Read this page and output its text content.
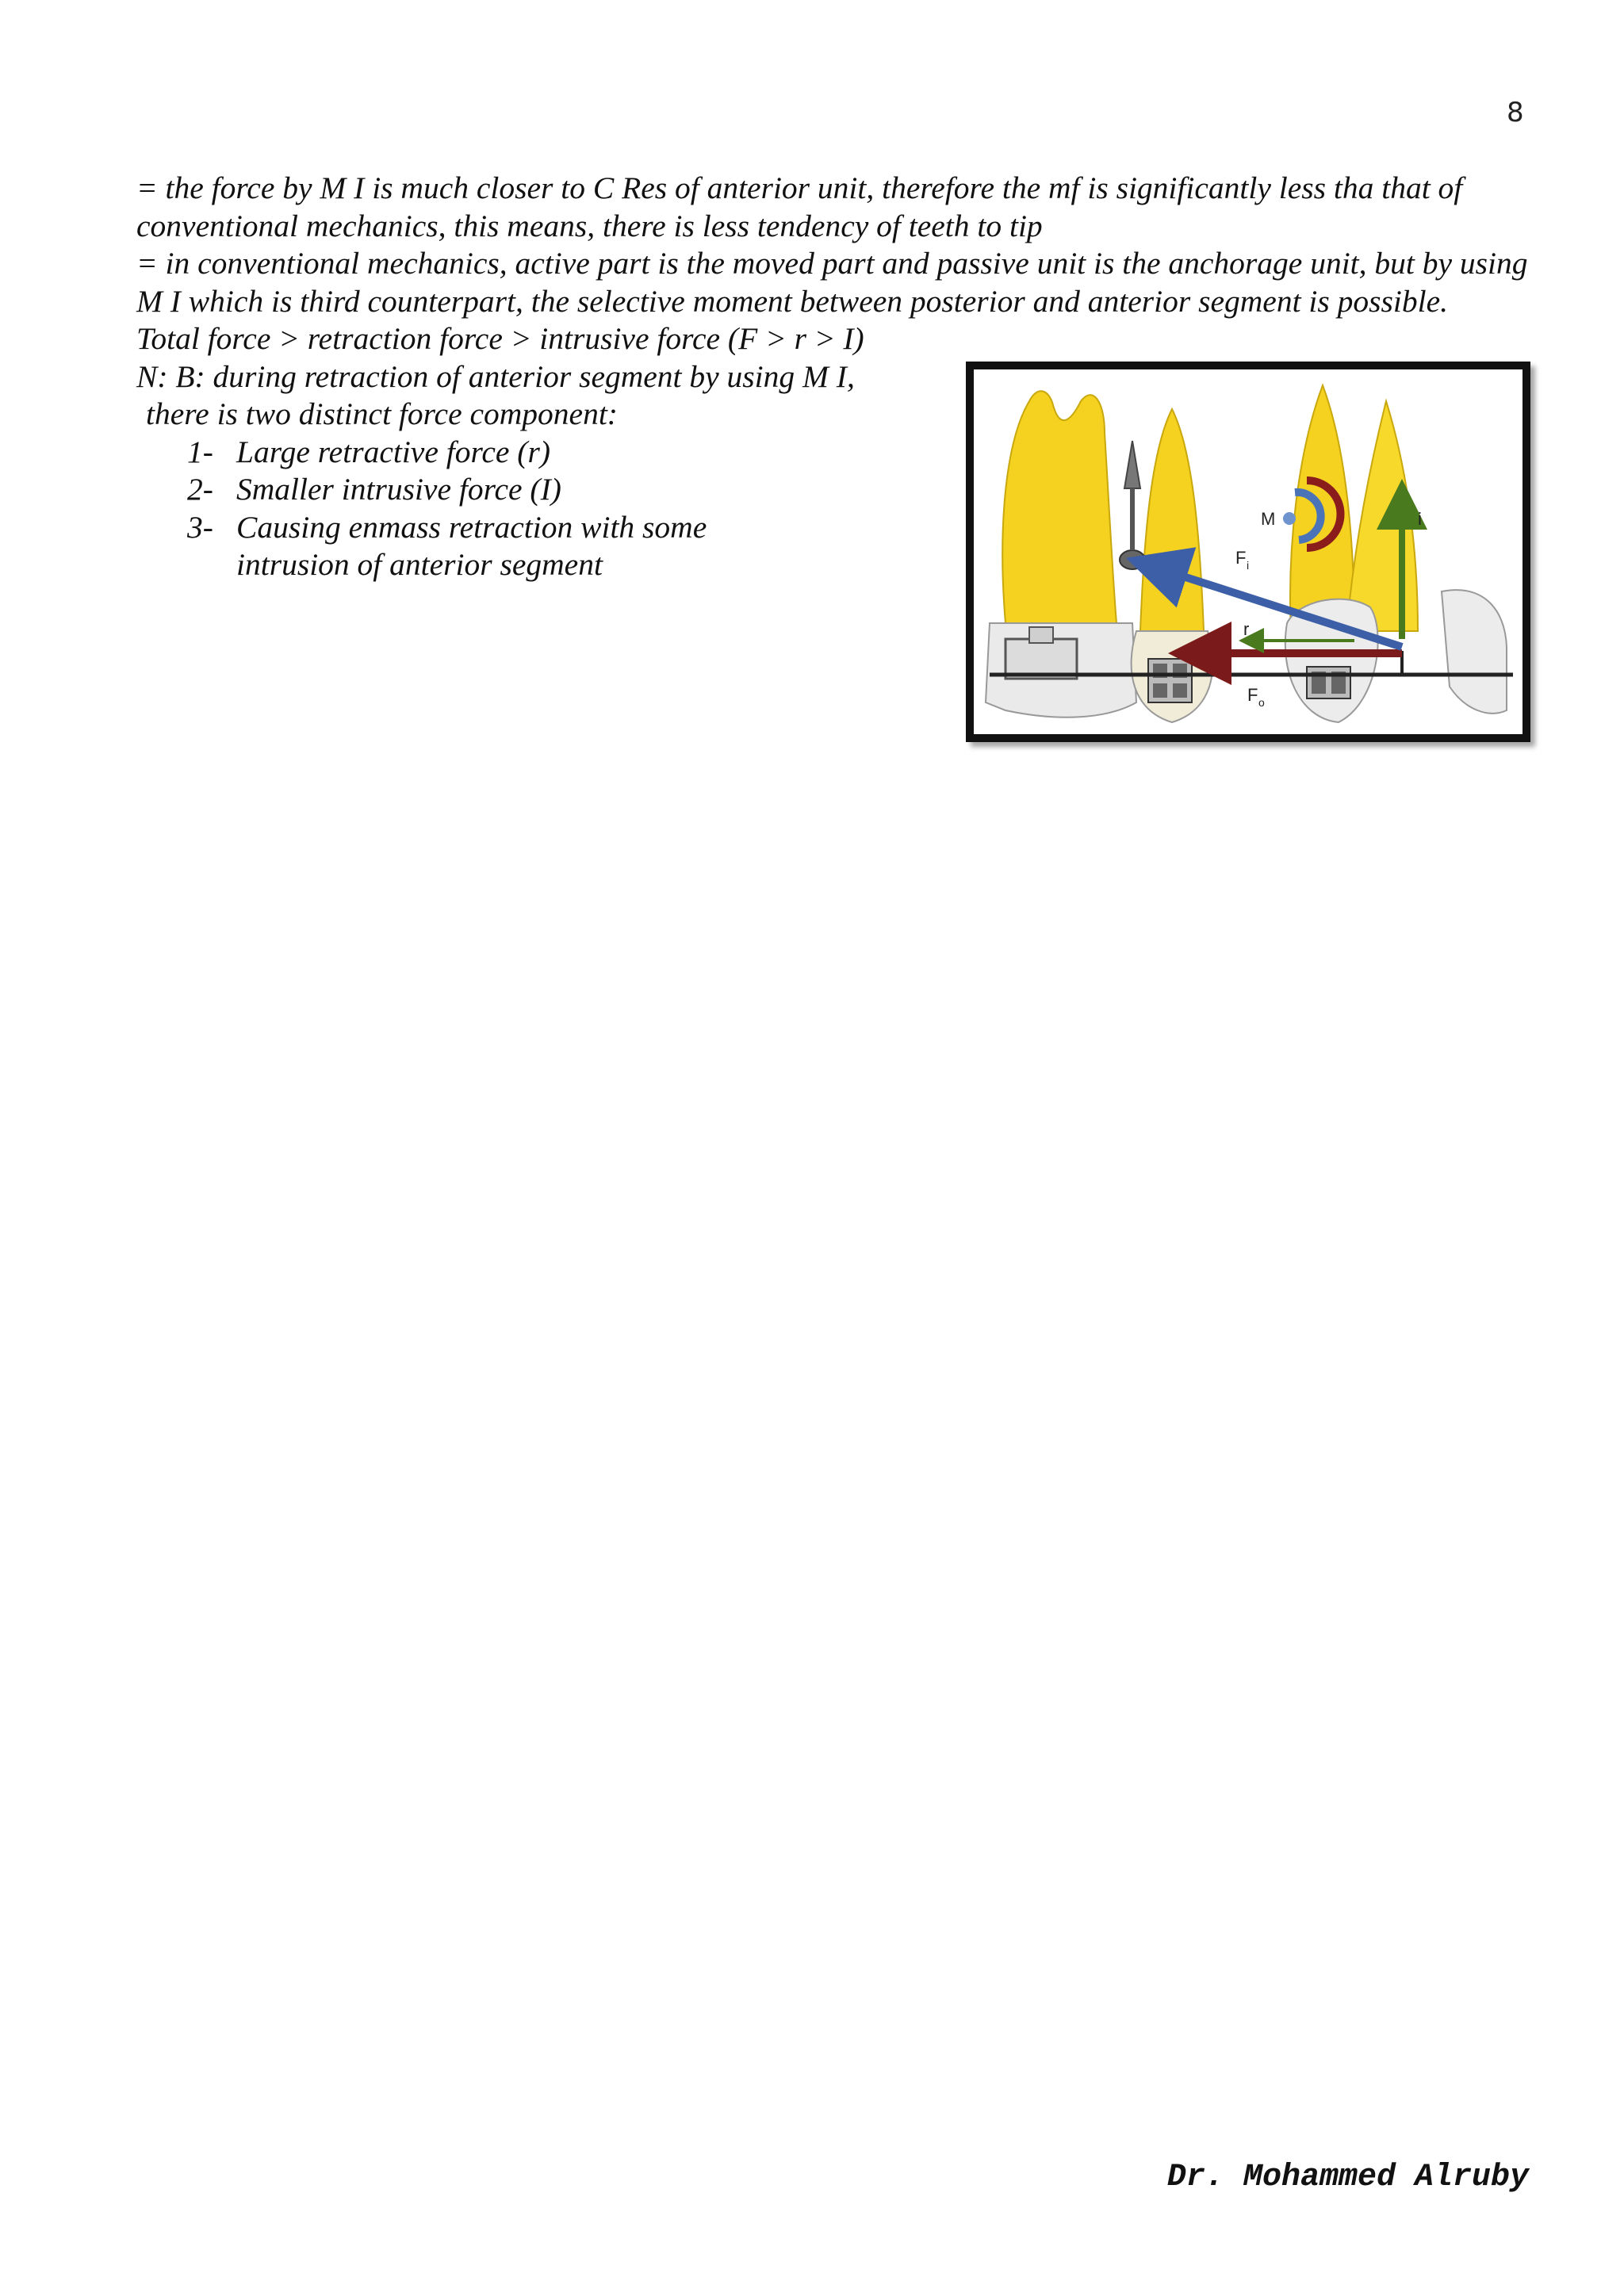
8

= the force by M I is much closer to C Res of anterior unit, therefore the mf is significantly less tha that of conventional mechanics, this means, there is less tendency of teeth to tip

= in conventional mechanics, active part is the moved part and passive unit is the anchorage unit, but by using M I which is third counterpart, the selective moment between posterior and anterior segment is possible.

Total force > retraction force > intrusive force (F > r > I)

N: B: during retraction of anterior segment by using M I,

there is two distinct force component:

1- Large retractive force (r)
2- Smaller intrusive force (I)
3- Causing enmass retraction with some
intrusion of anterior segment
M	i
F i
r
F o
Dr. Mohammed Alruby
